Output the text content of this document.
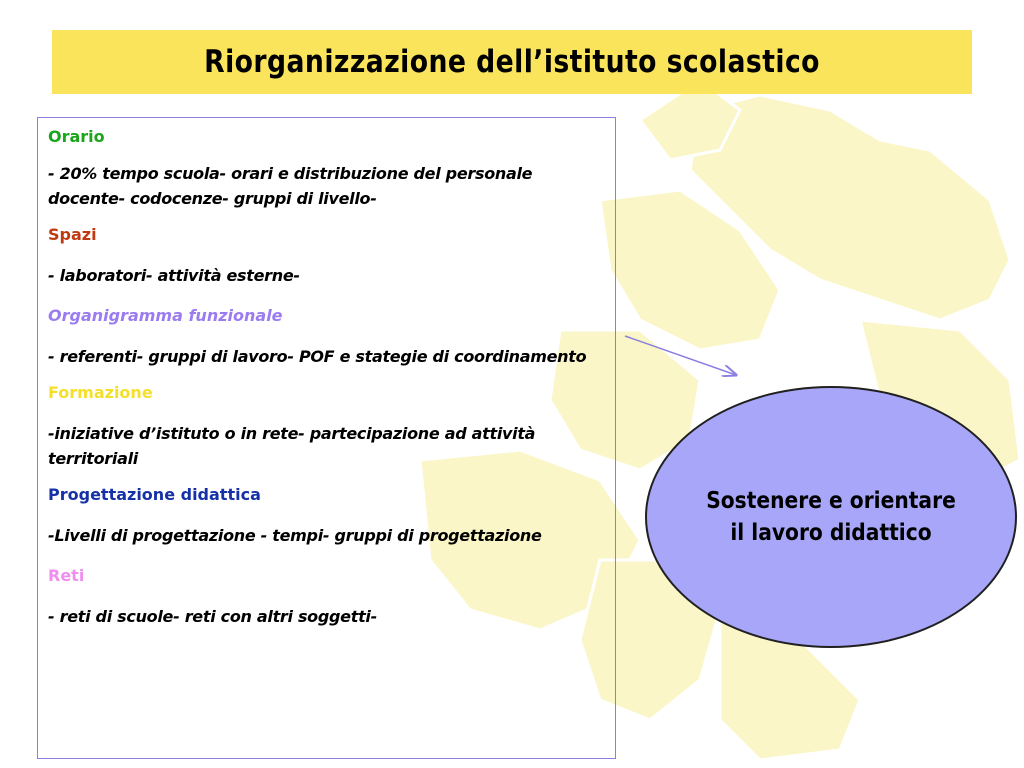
Riorganizzazione dell’istituto scolastico

Orario

- 20% tempo scuola- orari e distribuzione del personale docente- codocenze- gruppi di livello-

Spazi

- laboratori- attività esterne-

Organigramma funzionale

- referenti- gruppi di lavoro- POF e stategie di coordinamento

Formazione

-iniziative d’istituto o in rete- partecipazione ad attività territoriali

Progettazione didattica

-Livelli di progettazione - tempi- gruppi di progettazione

Reti

- reti di scuole- reti con altri soggetti-

Sostenere e orientare il lavoro didattico
